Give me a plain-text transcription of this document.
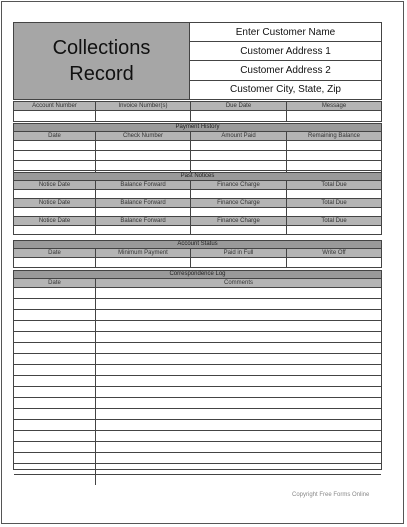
Collections
Record
Enter Customer Name
Customer Address 1
Customer Address 2
Customer City, State, Zip
Account Number	Invoice Number(s)	Due Date	Message
Payment History
Date	Check Number	Amount Paid	Remaining Balance
Past Notices
Notice Date	Balance Forward	Finance Charge	Total Due
Notice Date	Balance Forward	Finance Charge	Total Due
Notice Date	Balance Forward	Finance Charge	Total Due
Account Status
Date	Minimum Payment	Paid in Full	Write Off
Correspondence Log
Date	Comments
Copyright Free Forms Online
